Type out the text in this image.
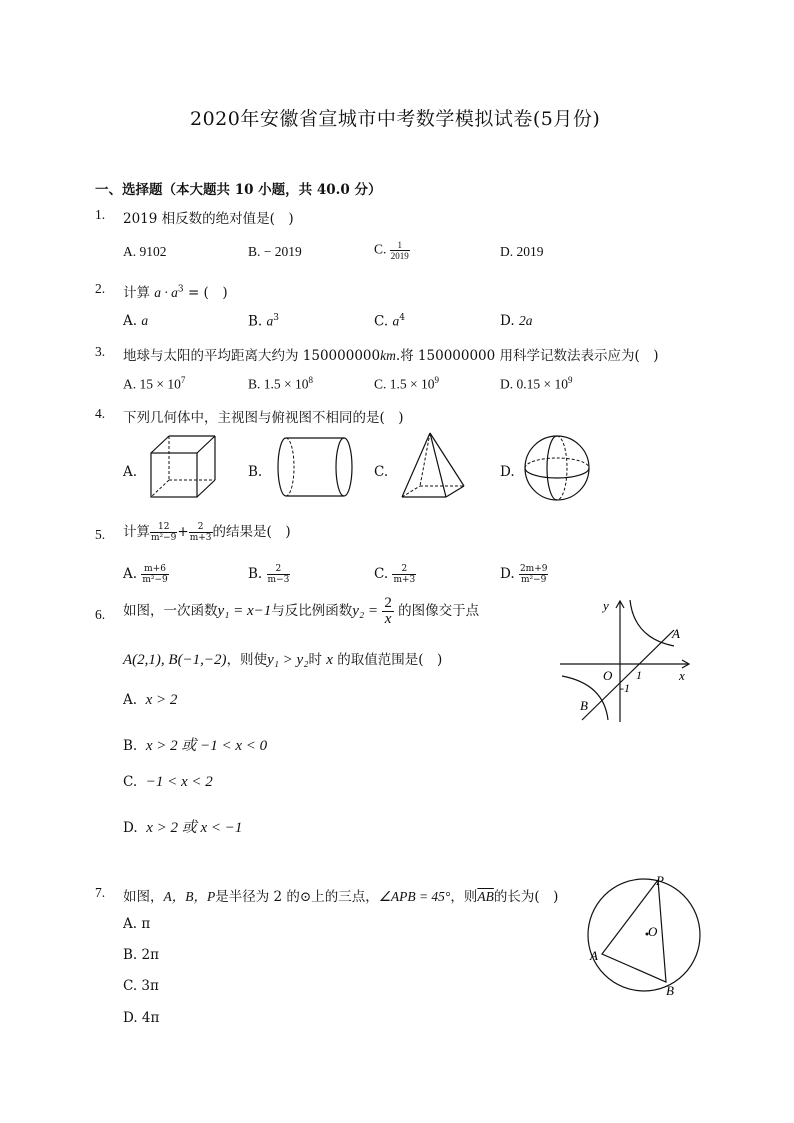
2020年安徽省宣城市中考数学模拟试卷(5月份)
一、选择题（本大题共 10 小题，共 40.0 分）
1. 2019 相反数的绝对值是(　)
A. 9102	B. − 2019	C. $\frac{1}{2019}$	D. 2019
2. 计算 $a \cdot a^3$ = (　)
A. a	B. $a^3$	C. $a^4$	D. 2a
3. 地球与太阳的平均距离大约为 150000000km.将 150000000 用科学记数法表示应为(　)
A. $15 \times 10^7$	B. $1.5 \times 10^8$	C. $1.5 \times 10^9$	D. $0.15 \times 10^9$
4. 下列几何体中，主视图与俯视图不相同的是(　)
A.	B.	C.	D.
5. 计算 $\frac{12}{\text{m²−9}} + \frac{2}{m+3}$ 的结果是(　)
A. $\frac{m+6}{\text{m²−9}}$	B. $\frac{2}{m-3}$	C. $\frac{2}{m+3}$	D. $\frac{2m+9}{\text{m²−9}}$
6. 如图，一次函数y₁ = x−1与反比例函数$y_2 = \frac{2}{x}$ 的图像交于点
A(2,1), B(−1,−2)，则使y₁ > y₂时 x 的取值范围是(　)
A. x > 2
B. x > 2 或 −1 < x < 0
C. −1 < x < 2
D. x > 2 或 x < −1
y
x
O 1
-1
A
B
7. 如图，A，B，P是半径为 2 的⊙上的三点，∠APB = 45°，则$\overline{AB}$的长为(　)
A. π
B. 2π
C. 3π
D. 4π
P
O
A
B
